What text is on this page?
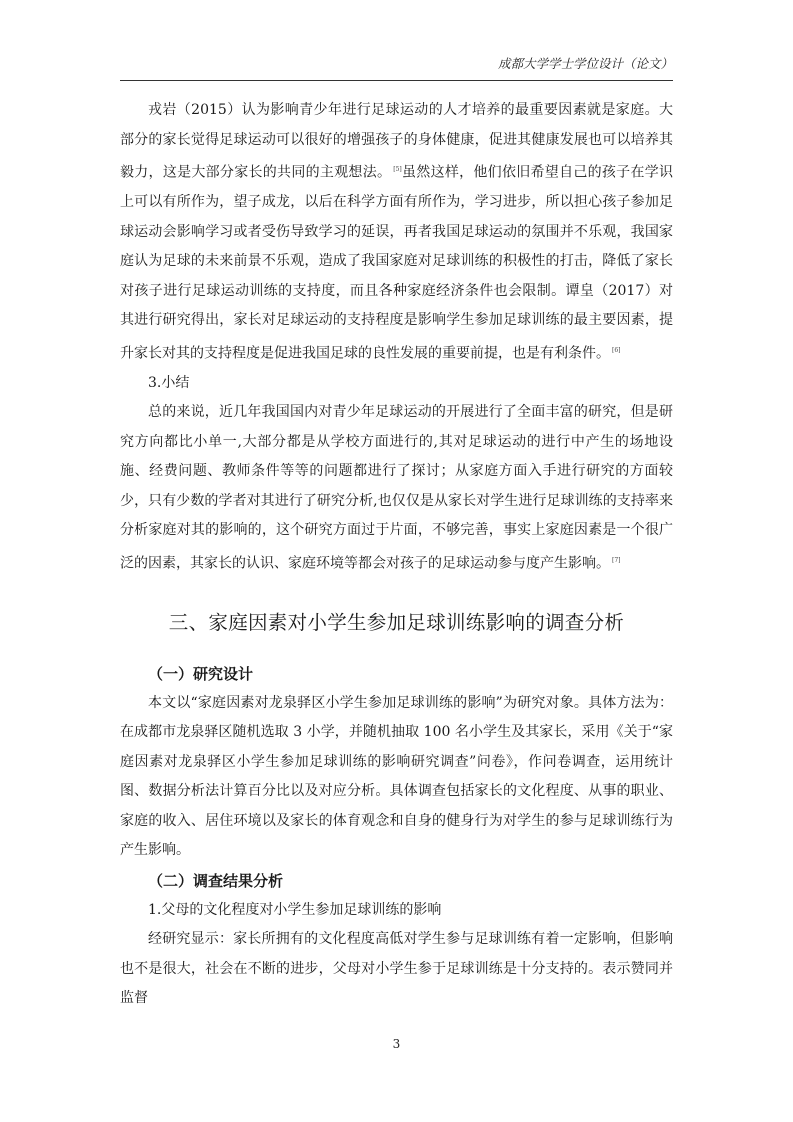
成都大学学士学位设计（论文）

戎岩（2015）认为影响青少年进行足球运动的人才培养的最重要因素就是家庭。大部分的家长觉得足球运动可以很好的增强孩子的身体健康，促进其健康发展也可以培养其毅力，这是大部分家长的共同的主观想法。 [5]虽然这样，他们依旧希望自己的孩子在学识上可以有所作为，望子成龙，以后在科学方面有所作为，学习进步，所以担心孩子参加足球运动会影响学习或者受伤导致学习的延误，再者我国足球运动的氛围并不乐观，我国家庭认为足球的未来前景不乐观，造成了我国家庭对足球训练的积极性的打击，降低了家长对孩子进行足球运动训练的支持度，而且各种家庭经济条件也会限制。谭皇（2017）对其进行研究得出，家长对足球运动的支持程度是影响学生参加足球训练的最主要因素，提升家长对其的支持程度是促进我国足球的良性发展的重要前提，也是有利条件。 [6]

3.小结

总的来说，近几年我国国内对青少年足球运动的开展进行了全面丰富的研究，但是研究方向都比小单一,大部分都是从学校方面进行的,其对足球运动的进行中产生的场地设施、经费问题、教师条件等等的问题都进行了探讨；从家庭方面入手进行研究的方面较少，只有少数的学者对其进行了研究分析,也仅仅是从家长对学生进行足球训练的支持率来分析家庭对其的影响的，这个研究方面过于片面，不够完善，事实上家庭因素是一个很广泛的因素，其家长的认识、家庭环境等都会对孩子的足球运动参与度产生影响。 [7]

三、家庭因素对小学生参加足球训练影响的调查分析
（一）研究设计

本文以“家庭因素对龙泉驿区小学生参加足球训练的影响”为研究对象。具体方法为：在成都市龙泉驿区随机选取 3 小学，并随机抽取 100 名小学生及其家长，采用《关于“家庭因素对龙泉驿区小学生参加足球训练的影响研究调查”问卷》，作问卷调查，运用统计图、数据分析法计算百分比以及对应分析。具体调查包括家长的文化程度、从事的职业、家庭的收入、居住环境以及家长的体育观念和自身的健身行为对学生的参与足球训练行为产生影响。

（二）调查结果分析

1.父母的文化程度对小学生参加足球训练的影响

经研究显示：家长所拥有的文化程度高低对学生参与足球训练有着一定影响，但影响也不是很大，社会在不断的进步，父母对小学生参于足球训练是十分支持的。表示赞同并监督

3
